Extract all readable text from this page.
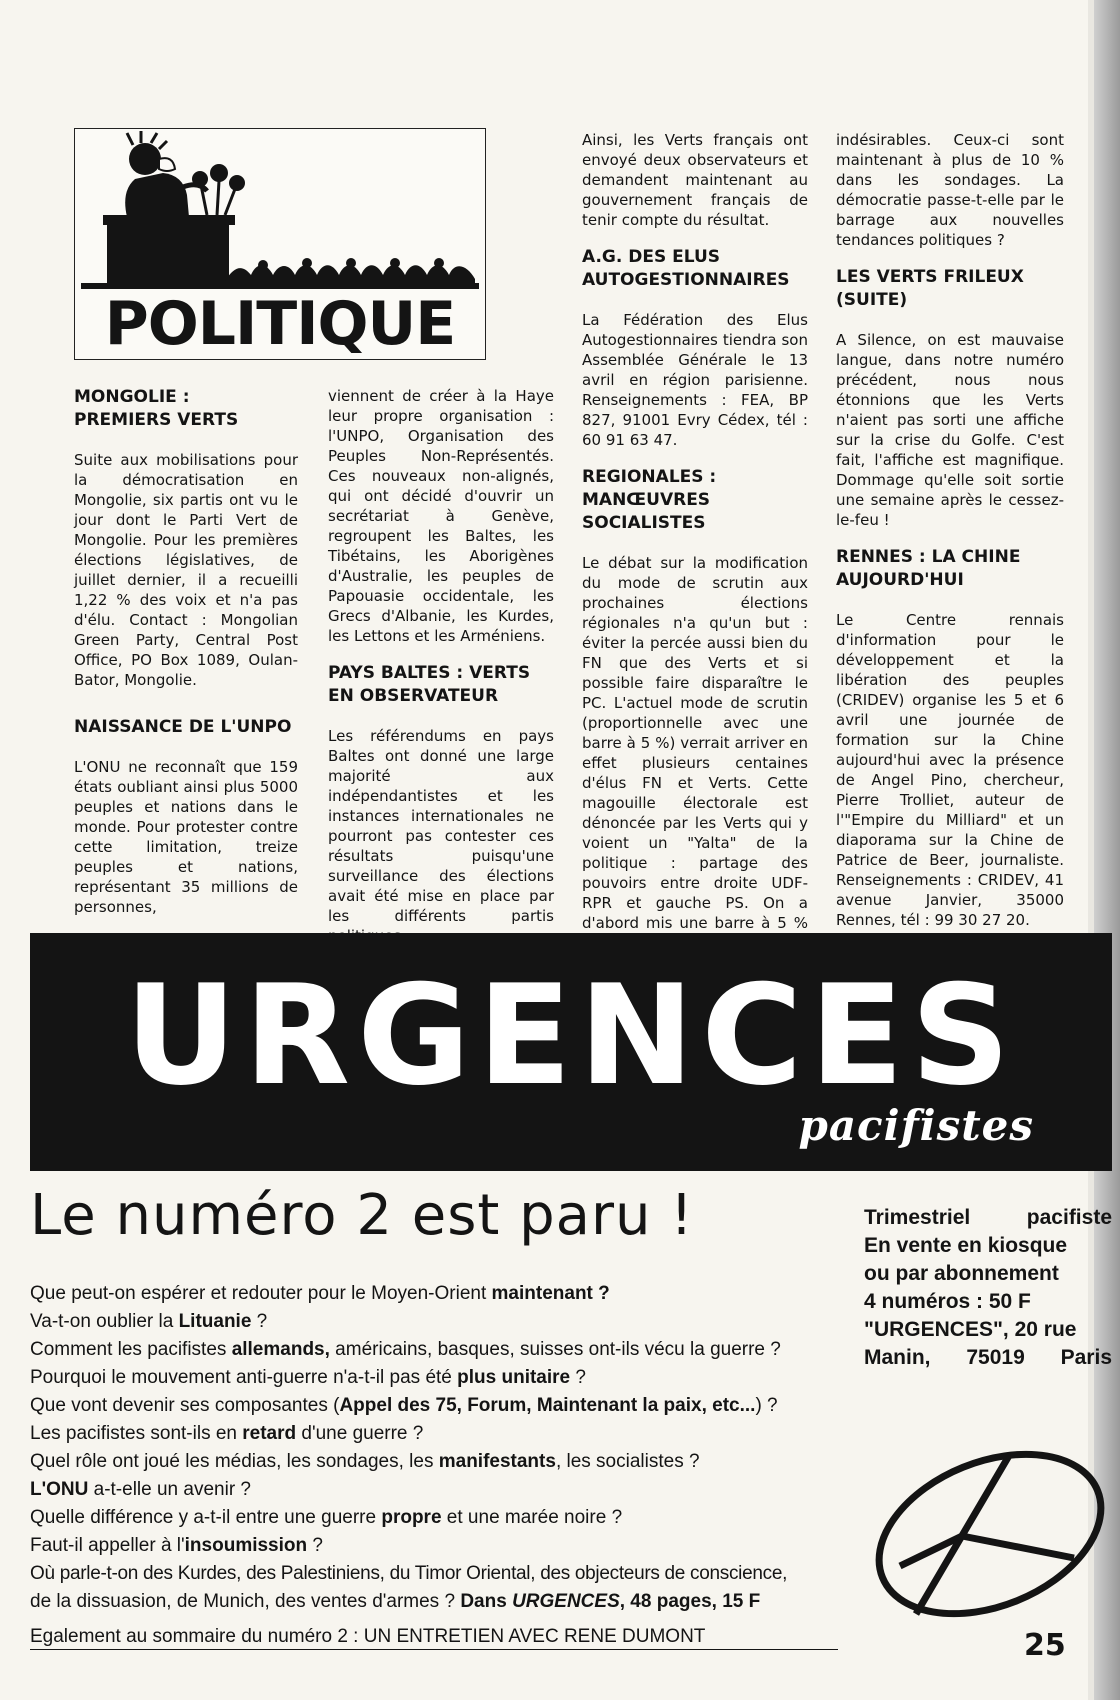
POLITIQUE
MONGOLIE :
PREMIERS VERTS

Suite aux mobilisations pour la démocratisation en Mongolie, six partis ont vu le jour dont le Parti Vert de Mongolie. Pour les premières élections législatives, de juillet dernier, il a recueilli 1,22 % des voix et n'a pas d'élu. Contact : Mongolian Green Party, Central Post Office, PO Box 1089, Oulan-Bator, Mongolie.

NAISSANCE DE L'UNPO

L'ONU ne reconnaît que 159 états oubliant ainsi plus 5000 peuples et nations dans le monde. Pour protester contre cette limitation, treize peuples et nations, représentant 35 millions de personnes,

viennent de créer à la Haye leur propre organisation : l'UNPO, Organisation des Peuples Non-Représentés. Ces nouveaux non-alignés, qui ont décidé d'ouvrir un secrétariat à Genève, regroupent les Baltes, les Tibétains, les Aborigènes d'Australie, les peuples de Papouasie occidentale, les Grecs d'Albanie, les Kurdes, les Lettons et les Arméniens.

PAYS BALTES : VERTS
EN OBSERVATEUR

Les référendums en pays Baltes ont donné une large majorité aux indépendantistes et les instances internationales ne pourront pas contester ces résultats puisqu'une surveillance des élections avait été mise en place par les différents partis

Ainsi, les Verts français ont envoyé deux observateurs et demandent maintenant au gouvernement français de tenir compte du résultat.

A.G. DES ELUS
AUTOGESTIONNAIRES

La Fédération des Elus Autogestionnaires tiendra son Assemblée Générale le 13 avril en région parisienne. Renseignements : FEA, BP 827, 91001 Evry Cédex, tél : 60 91 63 47.

REGIONALES :
MANŒUVRES
SOCIALISTES

Le débat sur la modification du mode de scrutin aux prochaines élections régionales n'a qu'un but : éviter la percée aussi bien du FN que des Verts et si possible faire disparaître le PC. L'actuel mode de scrutin (proportionnelle avec une barre à 5 %) verrait arriver en effet plusieurs centaines d'élus FN et Verts. Cette magouille électorale est dénoncée par les Verts qui y voient un "Yalta" de la politique : partage des pouvoirs entre droite UDF-RPR et gauche PS. On a d'abord mis une barre à 5 %

indésirables. Ceux-ci sont maintenant à plus de 10 % dans les sondages. La démocratie passe-t-elle par le barrage aux nouvelles tendances politiques ?

LES VERTS FRILEUX
(SUITE)

A Silence, on est mauvaise langue, dans notre numéro précédent, nous nous étonnions que les Verts n'aient pas sorti une affiche sur la crise du Golfe. C'est fait, l'affiche est magnifique. Dommage qu'elle soit sortie une semaine après le cessez-le-feu !

RENNES : LA CHINE
AUJOURD'HUI

Le Centre rennais d'information pour le développement et la libération des peuples (CRIDEV) organise les 5 et 6 avril une journée de formation sur la Chine aujourd'hui avec la présence de Angel Pino, chercheur, Pierre Trolliet, auteur de l'"Empire du Milliard" et un diaporama sur la Chine de Patrice de Beer, journaliste. Renseignements : CRIDEV, 41 avenue Janvier, 35000 Rennes, tél : 99 30 27 20.

URGENCES
pacifistes
Le numéro 2 est paru !
Que peut-on espérer et redouter pour le Moyen-Orient maintenant ?
Va-t-on oublier la Lituanie ?
Comment les pacifistes allemands, américains, basques, suisses ont-ils vécu la guerre ?
Pourquoi le mouvement anti-guerre n'a-t-il pas été plus unitaire ?
Que vont devenir ses composantes (Appel des 75, Forum, Maintenant la paix, etc...) ?
Les pacifistes sont-ils en retard d'une guerre ?
Quel rôle ont joué les médias, les sondages, les manifestants, les socialistes ?
L'ONU a-t-elle un avenir ?
Quelle différence y a-t-il entre une guerre propre et une marée noire ?
Faut-il appeller à l'insoumission ?
Où parle-t-on des Kurdes, des Palestiniens, du Timor Oriental, des objecteurs de conscience,
de la dissuasion, de Munich, des ventes d'armes ? Dans URGENCES, 48 pages, 15 F
Egalement au sommaire du numéro 2 : UN ENTRETIEN AVEC RENE DUMONT
Trimestriel	pacifiste
En vente en kiosque
ou par abonnement
4 numéros : 50 F
"URGENCES", 20 rue
Manin, 75019 Paris
25
